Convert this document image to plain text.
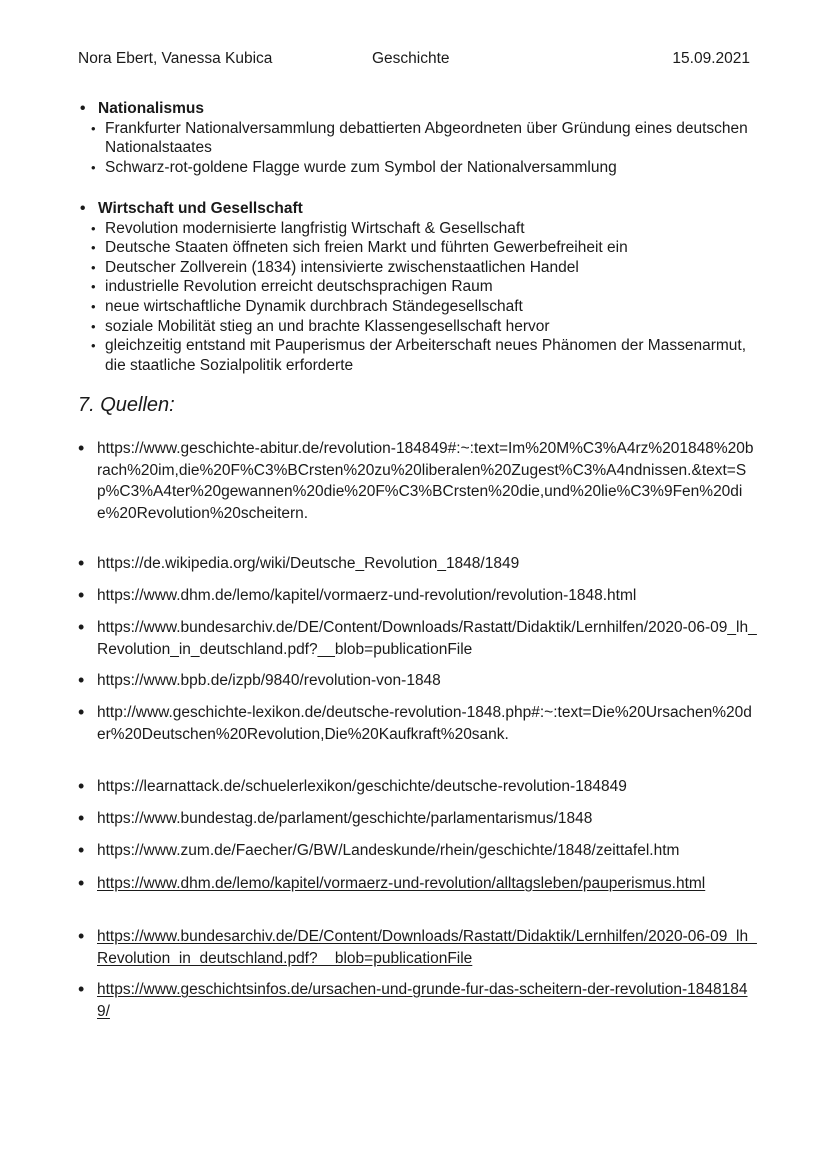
Nora Ebert, Vanessa Kubica	Geschichte	15.09.2021
• Nationalismus
• Frankfurter Nationalversammlung debattierten Abgeordneten über Gründung eines deutschen Nationalstaates
• Schwarz-rot-goldene Flagge wurde zum Symbol der Nationalversammlung
• Wirtschaft und Gesellschaft
• Revolution modernisierte langfristig Wirtschaft & Gesellschaft
• Deutsche Staaten öffneten sich freien Markt und führten Gewerbefreiheit ein
• Deutscher Zollverein (1834) intensivierte zwischenstaatlichen Handel
• industrielle Revolution erreicht deutschsprachigen Raum
• neue wirtschaftliche Dynamik durchbrach Ständegesellschaft
• soziale Mobilität stieg an und brachte Klassengesellschaft hervor
• gleichzeitig entstand mit Pauperismus der Arbeiterschaft neues Phänomen der Massenarmut, die staatliche Sozialpolitik erforderte
7. Quellen:
• https://www.geschichte-abitur.de/revolution-184849#:~:text=Im%20M%C3%A4rz%201848%20brach%20im,die%20F%C3%BCrsten%20zu%20liberalen%20Zugest%C3%A4ndnissen.&text=Sp%C3%A4ter%20gewannen%20die%20F%C3%BCrsten%20die,und%20lie%C3%9Fen%20die%20Revolution%20scheitern.
• https://de.wikipedia.org/wiki/Deutsche_Revolution_1848/1849
• https://www.dhm.de/lemo/kapitel/vormaerz-und-revolution/revolution-1848.html
• https://www.bundesarchiv.de/DE/Content/Downloads/Rastatt/Didaktik/Lernhilfen/2020-06-09_lh_Revolution_in_deutschland.pdf?__blob=publicationFile
• https://www.bpb.de/izpb/9840/revolution-von-1848
• http://www.geschichte-lexikon.de/deutsche-revolution-1848.php#:~:text=Die%20Ursachen%20der%20Deutschen%20Revolution,Die%20Kaufkraft%20sank.
• https://learnattack.de/schuelerlexikon/geschichte/deutsche-revolution-184849
• https://www.bundestag.de/parlament/geschichte/parlamentarismus/1848
• https://www.zum.de/Faecher/G/BW/Landeskunde/rhein/geschichte/1848/zeittafel.htm
• https://www.dhm.de/lemo/kapitel/vormaerz-und-revolution/alltagsleben/pauperismus.html
• https://www.bundesarchiv.de/DE/Content/Downloads/Rastatt/Didaktik/Lernhilfen/2020-06-09_lh_Revolution_in_deutschland.pdf?__blob=publicationFile
• https://www.geschichtsinfos.de/ursachen-und-grunde-fur-das-scheitern-der-revolution-18481849/
